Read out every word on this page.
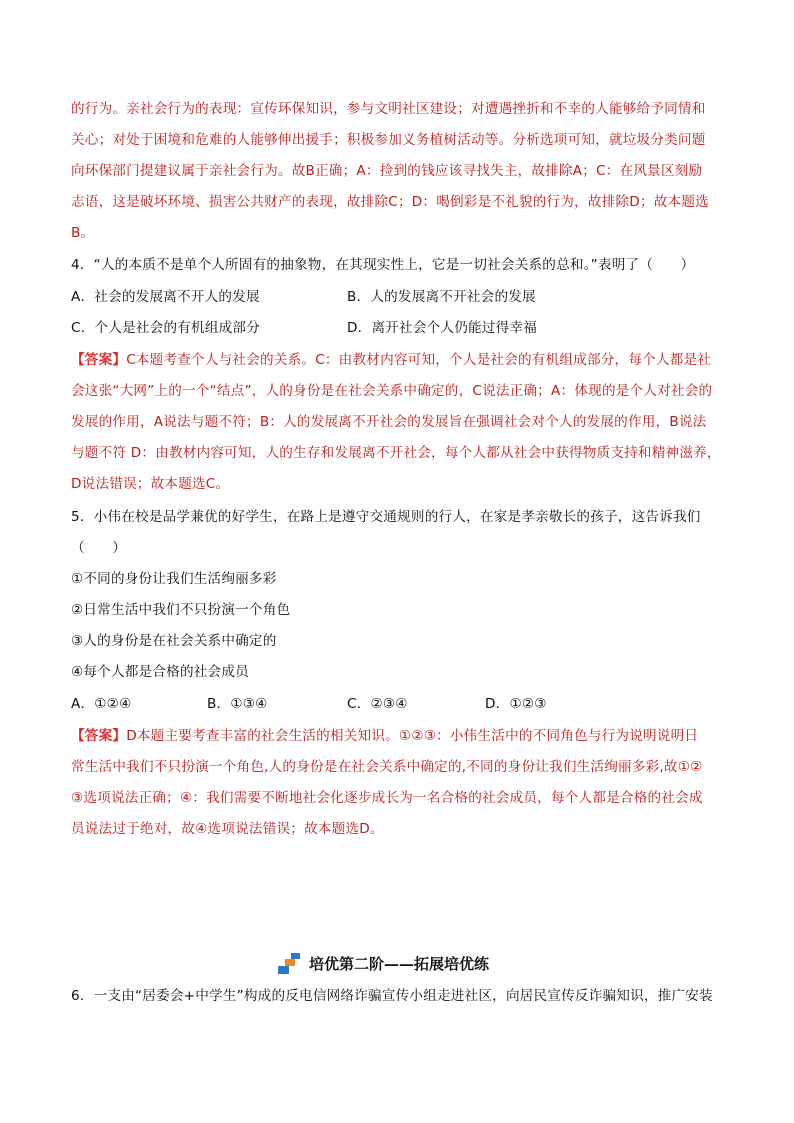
的行为。亲社会行为的表现：宣传环保知识，参与文明社区建设；对遭遇挫折和不幸的人能够给予同情和
关心；对处于困境和危难的人能够伸出援手；积极参加义务植树活动等。分析选项可知，就垃圾分类问题
向环保部门提建议属于亲社会行为。故B正确；A：捡到的钱应该寻找失主，故排除A；C：在风景区刻励
志语，这是破坏环境、损害公共财产的表现，故排除C；D：喝倒彩是不礼貌的行为，故排除D；故本题选
B。
4．“人的本质不是单个人所固有的抽象物，在其现实性上，它是一切社会关系的总和。”表明了（　　）
A．社会的发展离不开人的发展	B．人的发展离不开社会的发展
C．个人是社会的有机组成部分	D．离开社会个人仍能过得幸福
【答案】C本题考查个人与社会的关系。C：由教材内容可知，个人是社会的有机组成部分，每个人都是社
会这张“大网”上的一个“结点”，人的身份是在社会关系中确定的，C说法正确；A：体现的是个人对社会的
发展的作用，A说法与题不符；B：人的发展离不开社会的发展旨在强调社会对个人的发展的作用，B说法
与题不符 D：由教材内容可知，人的生存和发展离不开社会，每个人都从社会中获得物质支持和精神滋养，
D说法错误；故本题选C。
5．小伟在校是品学兼优的好学生，在路上是遵守交通规则的行人，在家是孝亲敬长的孩子，这告诉我们
（　　）
①不同的身份让我们生活绚丽多彩
②日常生活中我们不只扮演一个角色
③人的身份是在社会关系中确定的
④每个人都是合格的社会成员
A．①②④	B．①③④	C．②③④	D．①②③
【答案】D本题主要考查丰富的社会生活的相关知识。①②③：小伟生活中的不同角色与行为说明说明日
常生活中我们不只扮演一个角色,人的身份是在社会关系中确定的,不同的身份让我们生活绚丽多彩,故①②
③选项说法正确；④：我们需要不断地社会化逐步成长为一名合格的社会成员，每个人都是合格的社会成
员说法过于绝对，故④选项说法错误；故本题选D。
培优第二阶——拓展培优练
6．一支由“居委会+中学生”构成的反电信网络诈骗宣传小组走进社区，向居民宣传反诈骗知识，推广安装
